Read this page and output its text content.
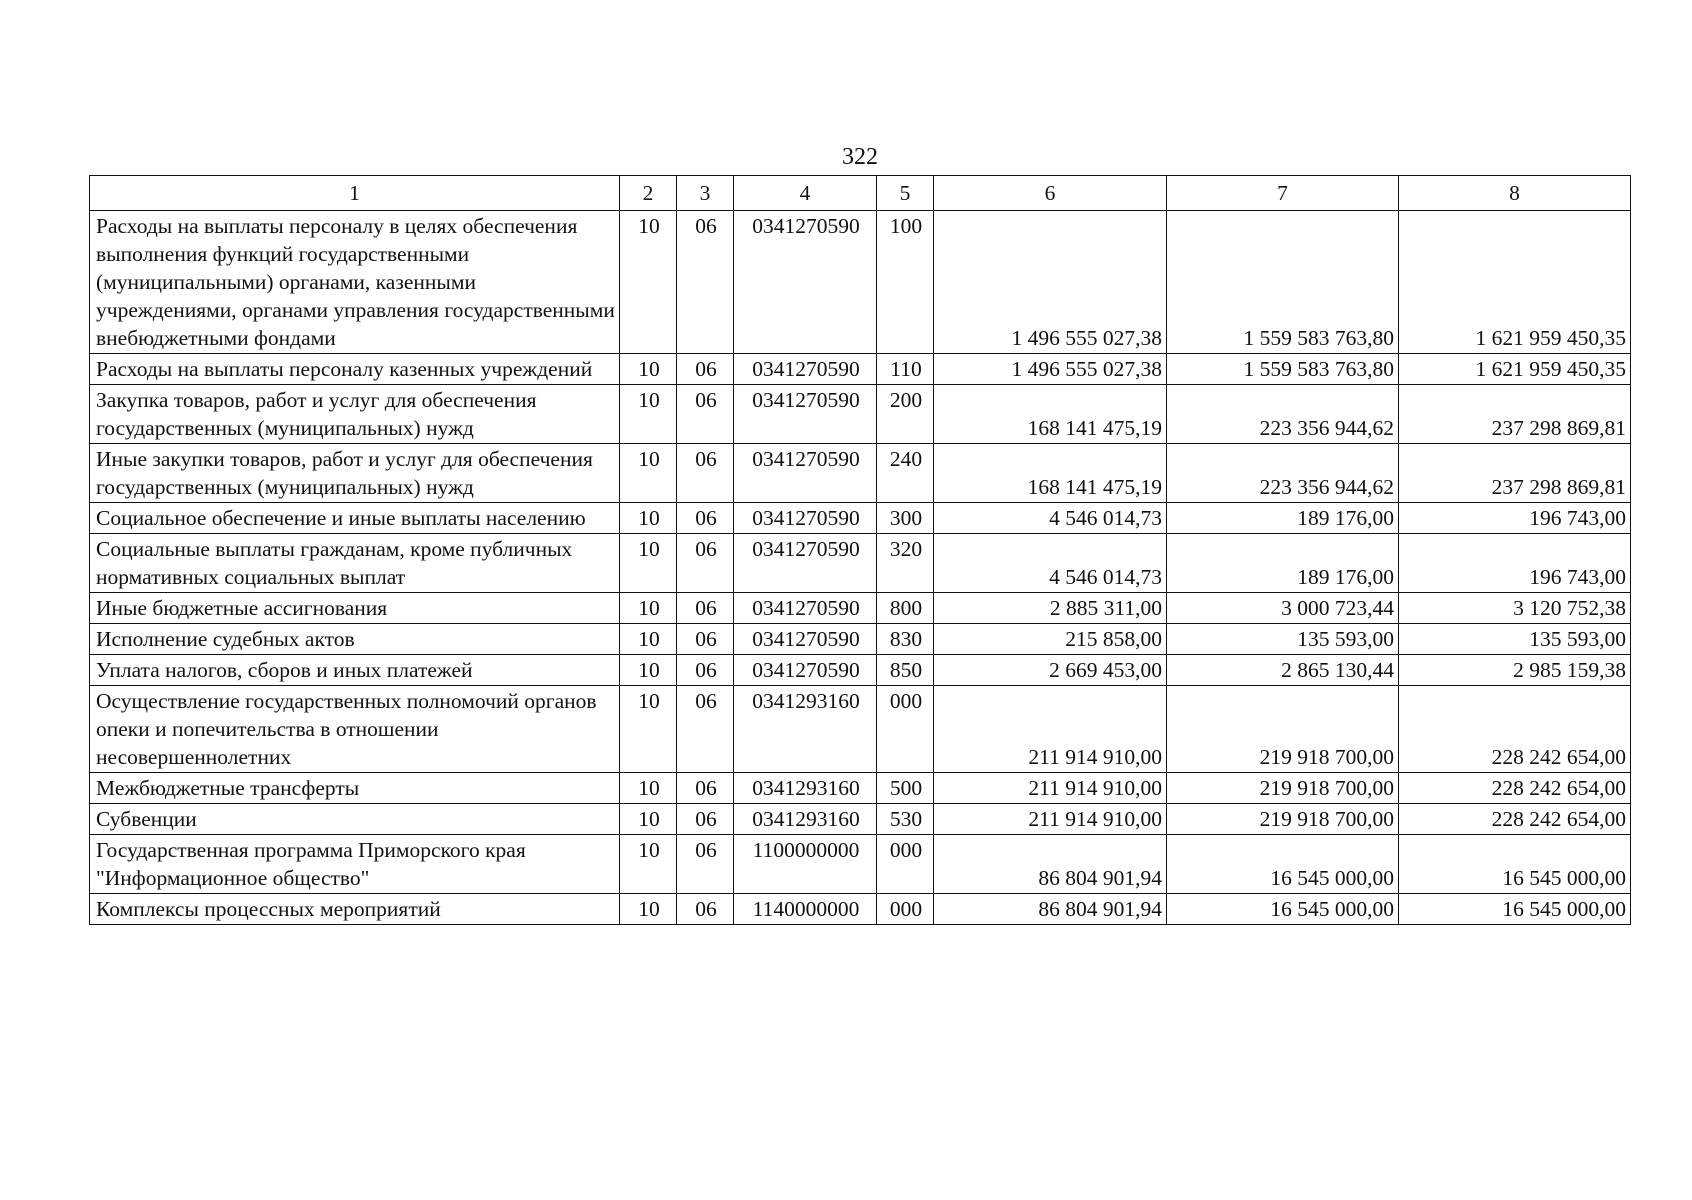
322
1	2	3	4	5	6	7	8
Расходы на выплаты персоналу в целях обеспечения выполнения функций государственными (муниципальными) органами, казенными учреждениями, органами управления государственными внебюджетными фондами	10	06	0341270590	100	1 496 555 027,38	1 559 583 763,80	1 621 959 450,35
Расходы на выплаты персоналу казенных учреждений	10	06	0341270590	110	1 496 555 027,38	1 559 583 763,80	1 621 959 450,35
Закупка товаров, работ и услуг для обеспечения государственных (муниципальных) нужд	10	06	0341270590	200	168 141 475,19	223 356 944,62	237 298 869,81
Иные закупки товаров, работ и услуг для обеспечения государственных (муниципальных) нужд	10	06	0341270590	240	168 141 475,19	223 356 944,62	237 298 869,81
Социальное обеспечение и иные выплаты населению	10	06	0341270590	300	4 546 014,73	189 176,00	196 743,00
Социальные выплаты гражданам, кроме публичных нормативных социальных выплат	10	06	0341270590	320	4 546 014,73	189 176,00	196 743,00
Иные бюджетные ассигнования	10	06	0341270590	800	2 885 311,00	3 000 723,44	3 120 752,38
Исполнение судебных актов	10	06	0341270590	830	215 858,00	135 593,00	135 593,00
Уплата налогов, сборов и иных платежей	10	06	0341270590	850	2 669 453,00	2 865 130,44	2 985 159,38
Осуществление государственных полномочий органов опеки и попечительства в отношении несовершеннолетних	10	06	0341293160	000	211 914 910,00	219 918 700,00	228 242 654,00
Межбюджетные трансферты	10	06	0341293160	500	211 914 910,00	219 918 700,00	228 242 654,00
Субвенции	10	06	0341293160	530	211 914 910,00	219 918 700,00	228 242 654,00
Государственная программа Приморского края "Информационное общество"	10	06	1100000000	000	86 804 901,94	16 545 000,00	16 545 000,00
Комплексы процессных мероприятий	10	06	1140000000	000	86 804 901,94	16 545 000,00	16 545 000,00
